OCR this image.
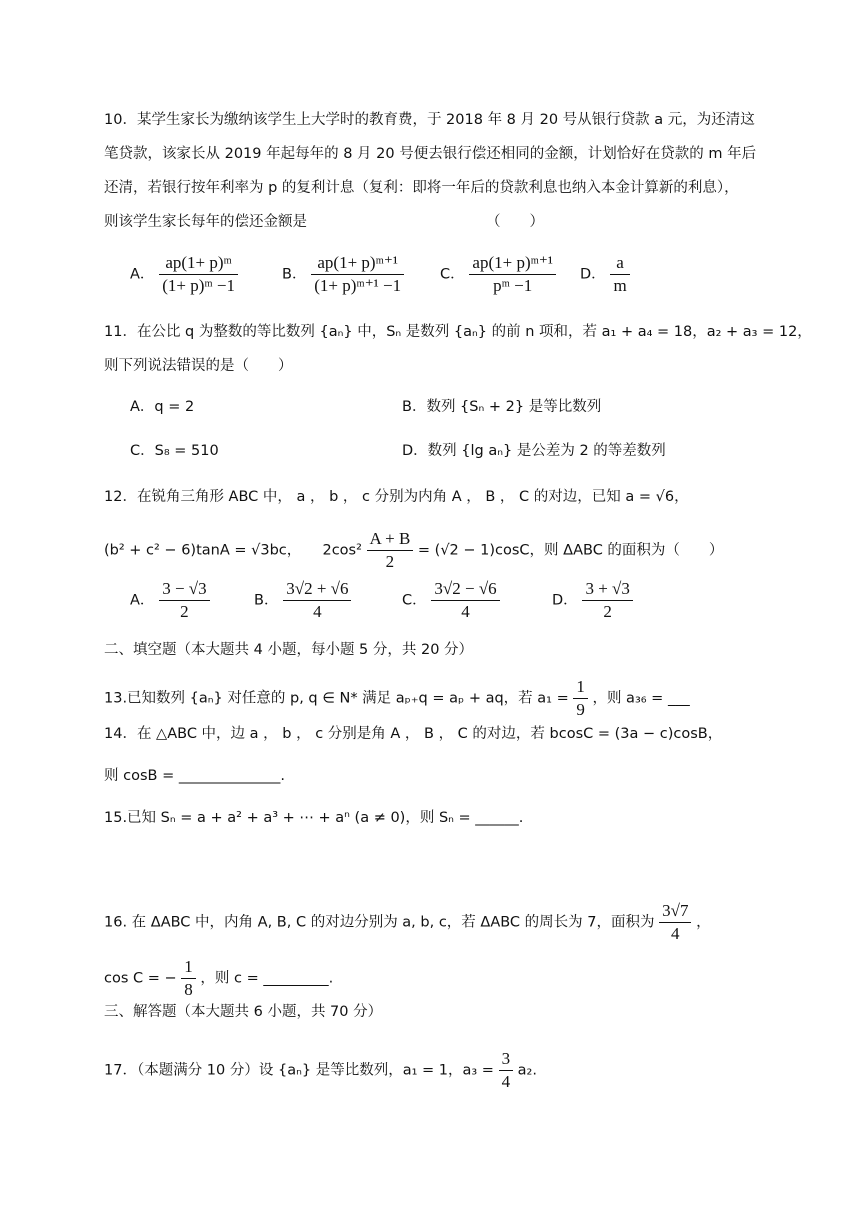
10．某学生家长为缴纳该学生上大学时的教育费，于 2018 年 8 月 20 号从银行贷款 a 元，为还清这
笔贷款，该家长从 2019 年起每年的 8 月 20 号便去银行偿还相同的金额，计划恰好在贷款的 m 年后
还清，若银行按年利率为 p 的复利计息（复利：即将一年后的贷款利息也纳入本金计算新的利息），
则该学生家长每年的偿还金额是	（　　）
A． $\frac{\text{ap(1+ p)ᵐ}}{\text{(1+ p)ᵐ −1}}$	B． $\frac{\text{ap(1+ p)ᵐ⁺¹}}{\text{(1+ p)ᵐ⁺¹ −1}}$ C． $\frac{\text{ap(1+ p)ᵐ⁺¹}}{\text{pᵐ −1}}$ D． $\frac{a}{m}$
11．在公比 q 为整数的等比数列 {aₙ} 中，Sₙ 是数列 {aₙ} 的前 n 项和，若 a₁ + a₄ = 18，a₂ + a₃ = 12，
则下列说法错误的是（　　）
A．q = 2	B．数列 {Sₙ + 2} 是等比数列
C．S₈ = 510	D．数列 {lg aₙ} 是公差为 2 的等差数列
12．在锐角三角形 ABC 中， a ， b ， c 分别为内角 A ， B ， C 的对边，已知 a = √6，
(b² + c² − 6)tanA = √3bc， $2\cos^2 \frac{A + B}{2} = (√2 - 1)\cos C$，则 ΔABC 的面积为（　　）
A． $\frac{3 - √3}{2}$	B． $\frac{3√2 + √6}{4}$	C． $\frac{3√2 - √6}{4}$	D． $\frac{3 + √3}{2}$
二、填空题（本大题共 4 小题，每小题 5 分，共 20 分）
13.已知数列 {aₙ} 对任意的 p, q ∈ N* 满足 aₚ₊q = aₚ + aq，若 $a_1 = \frac{1}{9}$ ，则 a₃₆ = ___
14．在 △ABC 中，边 a ， b ， c 分别是角 A ， B ， C 的对边，若 bcosC = (3a − c)cosB，
则 cosB = ______________.
15.已知 Sₙ = a + a² + a³ + ⋯ + aⁿ (a ≠ 0)，则 Sₙ = ______.
16. 在 ΔABC 中，内角 A, B, C 的对边分别为 a, b, c，若 ΔABC 的周长为 7，面积为 $\frac{3√7}{4}$ ，
cos C = − $\frac{1}{8}$ ，则 c = _________.
三、解答题（本大题共 6 小题，共 70 分）
17．（本题满分 10 分）设 {aₙ} 是等比数列，a₁ = 1，$a_3 = \frac{3}{4} a_2$.
